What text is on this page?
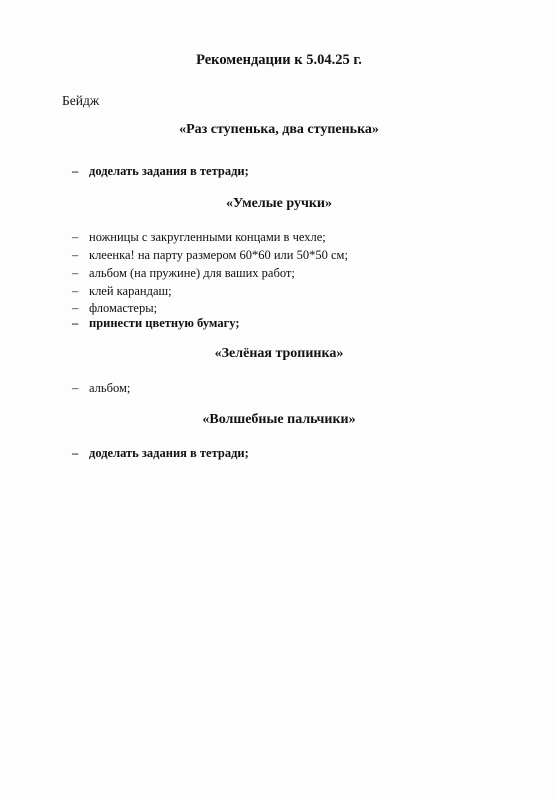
Рекомендации к 5.04.25 г.
Бейдж
«Раз ступенька, два ступенька»
– доделать задания в тетради;
«Умелые ручки»
– ножницы с закругленными концами в чехле;
– клеенка! на парту размером 60*60 или 50*50 см;
– альбом (на пружине) для ваших работ;
– клей карандаш;
– фломастеры;
– принести цветную бумагу;
«Зелёная тропинка»
– альбом;
«Волшебные пальчики»
– доделать задания в тетради;
